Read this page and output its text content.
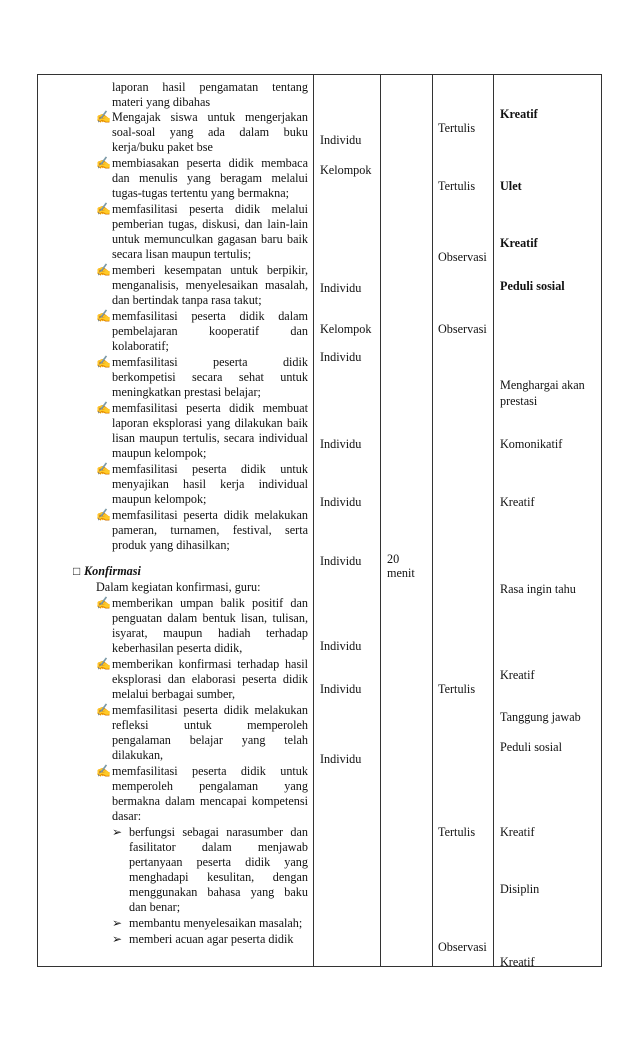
laporan hasil pengamatan tentang
materi yang dibahas
✍ Mengajak siswa untuk mengerjakan
soal-soal yang ada dalam buku
kerja/buku paket bse
✍ membiasakan peserta didik membaca
dan menulis yang beragam melalui
tugas-tugas tertentu yang bermakna;
✍ memfasilitasi peserta didik melalui
pemberian tugas, diskusi, dan lain-lain
untuk memunculkan gagasan baru baik
secara lisan maupun tertulis;
✍ memberi kesempatan untuk berpikir,
menganalisis, menyelesaikan masalah,
dan bertindak tanpa rasa takut;
✍ memfasilitasi peserta didik dalam
pembelajaran kooperatif dan
kolaboratif;
✍ memfasilitasi peserta didik
berkompetisi secara sehat untuk
meningkatkan prestasi belajar;
✍ memfasilitasi peserta didik membuat
laporan eksplorasi yang dilakukan baik
lisan maupun tertulis, secara individual
maupun kelompok;
✍ memfasilitasi peserta didik untuk
menyajikan hasil kerja individual
maupun kelompok;
✍ memfasilitasi peserta didik melakukan
pameran, turnamen, festival, serta
produk yang dihasilkan;
□ Konfirmasi
Dalam kegiatan konfirmasi, guru:
✍ memberikan umpan balik positif dan
penguatan dalam bentuk lisan, tulisan,
isyarat, maupun hadiah terhadap
keberhasilan peserta didik,
✍ memberikan konfirmasi terhadap hasil
eksplorasi dan elaborasi peserta didik
melalui berbagai sumber,
✍ memfasilitasi peserta didik melakukan
refleksi untuk memperoleh
pengalaman belajar yang telah
dilakukan,
✍ memfasilitasi peserta didik untuk
memperoleh pengalaman yang
bermakna dalam mencapai kompetensi
dasar:
➢ berfungsi sebagai narasumber dan
fasilitator dalam menjawab
pertanyaan peserta didik yang
menghadapi kesulitan, dengan
menggunakan bahasa yang baku
dan benar;
➢ membantu menyelesaikan masalah;
➢ memberi acuan agar peserta didik
Individu
Kelompok
Individu
Kelompok
Individu
Individu
Individu
Individu
Individu
Individu
Individu
20
menit
Tertulis
Tertulis
Observasi
Observasi
Tertulis
Tertulis
Observasi
Kreatif
Ulet
Kreatif
Peduli sosial
Menghargai akan
prestasi
Komonikatif
Kreatif
Rasa ingin tahu
Kreatif
Tanggung jawab
Peduli sosial
Kreatif
Disiplin
Kreatif
